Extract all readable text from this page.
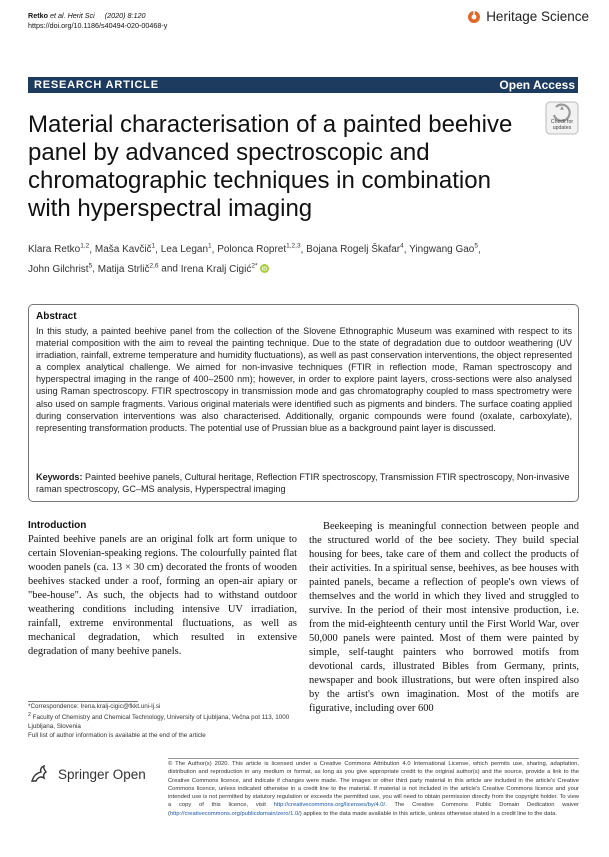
Retko et al. Herit Sci (2020) 8:120
https://doi.org/10.1186/s40494-020-00468-y
Heritage Science
RESEARCH ARTICLE	Open Access
Check for
updates
Material characterisation of a painted beehive panel by advanced spectroscopic and chromatographic techniques in combination with hyperspectral imaging
Klara Retko$^{1,2}$, Maša Kavčič$^1$, Lea Legan$^1$, Polonca Ropret$^{1,2,3}$, Bojana Rogelj Škafar$^4$, Yingwang Gao$^5$,
John Gilchrist$^5$, Matija Strlič$^{2,6}$ and Irena Kralj Cigić$^{2*}$ iD
Abstract
In this study, a painted beehive panel from the collection of the Slovene Ethnographic Museum was examined with respect to its material composition with the aim to reveal the painting technique. Due to the state of degradation due to outdoor weathering (UV irradiation, rainfall, extreme temperature and humidity fluctuations), as well as past conservation interventions, the object represented a complex analytical challenge. We aimed for non-invasive techniques (FTIR in reflection mode, Raman spectroscopy and hyperspectral imaging in the range of 400–2500 nm); however, in order to explore paint layers, cross-sections were also analysed using Raman spectroscopy. FTIR spectroscopy in transmission mode and gas chromatography coupled to mass spectrometry were also used on sample fragments. Various original materials were identified such as pigments and binders. The surface coating applied during conservation interventions was also characterised. Additionally, organic compounds were found (oxalate, carboxylate), representing transformation products. The potential use of Prussian blue as a background paint layer is discussed.
Keywords: Painted beehive panels, Cultural heritage, Reflection FTIR spectroscopy, Transmission FTIR spectroscopy, Non-invasive raman spectroscopy, GC–MS analysis, Hyperspectral imaging
Introduction

Painted beehive panels are an original folk art form unique to certain Slovenian-speaking regions. The colourfully painted flat wooden panels (ca. 13 × 30 cm) decorated the fronts of wooden beehives stacked under a roof, forming an open-air apiary or "bee-house". As such, the objects had to withstand outdoor weathering conditions including intensive UV irradiation, rainfall, extreme environmental fluctuations, as well as mechanical degradation, which resulted in extensive degradation of many beehive panels.

Beekeeping is meaningful connection between people and the structured world of the bee society. They build special housing for bees, take care of them and collect the products of their activities. In a spiritual sense, beehives, as bee houses with painted panels, became a reflection of people's own views of themselves and the world in which they lived and struggled to survive. In the period of their most intensive production, i.e. from the mid-eighteenth century until the First World War, over 50,000 panels were painted. Most of them were painted by simple, self-taught painters who borrowed motifs from devotional cards, illustrated Bibles from Germany, prints, newspaper and book illustrations, but were often inspired also by the artist's own imagination. Most of the motifs are figurative, including over 600

*Correspondence: Irena.kralj-cigic@fkkt.uni-lj.si
$^2$ Faculty of Chemistry and Chemical Technology, University of Ljubljana, Večna pot 113, 1000 Ljubljana, Slovenia
Full list of author information is available at the end of the article
Springer Open
© The Author(s) 2020. This article is licensed under a Creative Commons Attribution 4.0 International License, which permits use, sharing, adaptation, distribution and reproduction in any medium or format, as long as you give appropriate credit to the original author(s) and the source, provide a link to the Creative Commons licence, and indicate if changes were made. The images or other third party material in this article are included in the article's Creative Commons licence, unless indicated otherwise in a credit line to the material. If material is not included in the article's Creative Commons licence and your intended use is not permitted by statutory regulation or exceeds the permitted use, you will need to obtain permission directly from the copyright holder. To view a copy of this licence, visit http://creativecommons.org/licenses/by/4.0/. The Creative Commons Public Domain Dedication waiver (http://creativecommons.org/publicdomain/zero/1.0/) applies to the data made available in this article, unless otherwise stated in a credit line to the data.
